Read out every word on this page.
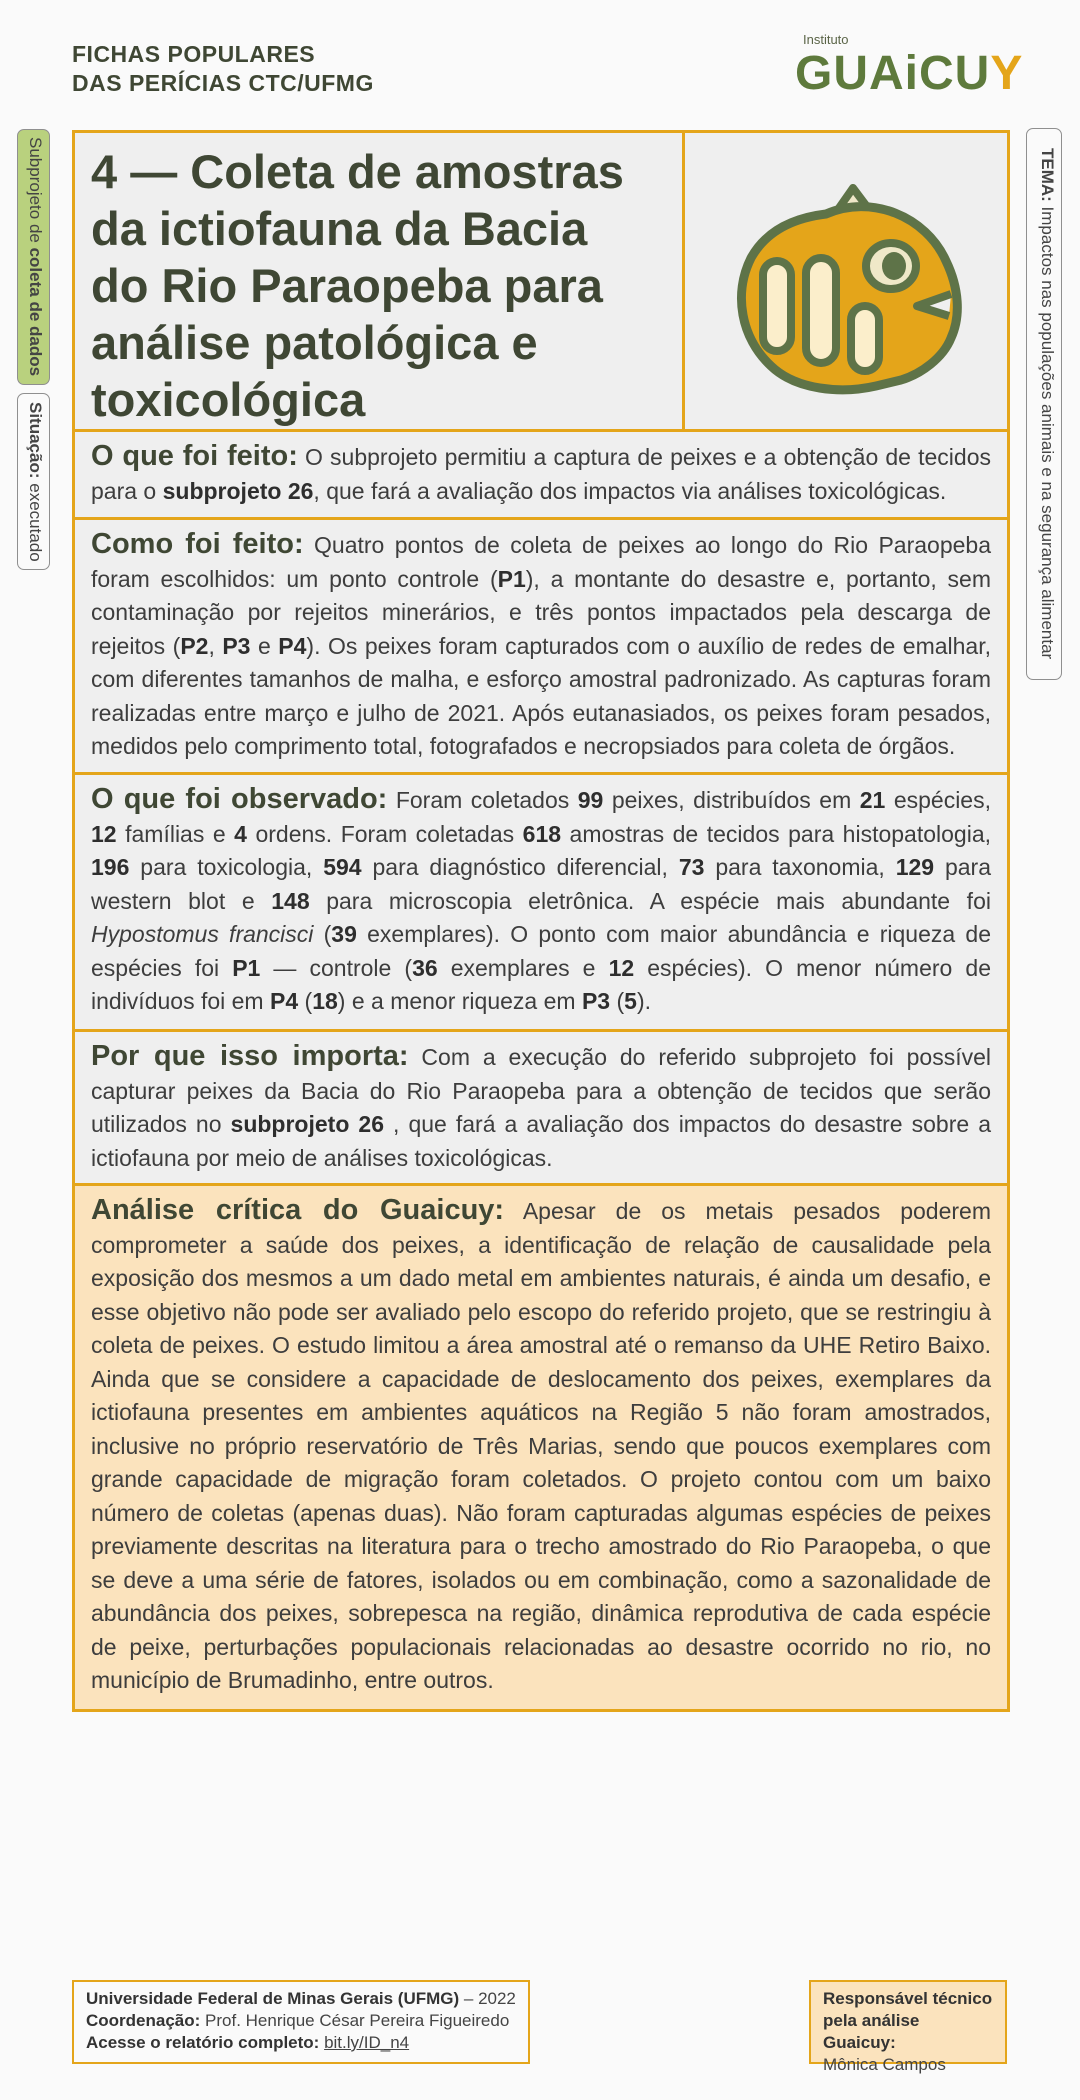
FICHAS POPULARES
DAS PERÍCIAS CTC/UFMG
Instituto
GUAiCUY
Subprojeto de coleta de dados
Situação: executado
TEMA: Impactos nas populações animais e na segurança alimentar
4 — Coleta de amostras
da ictiofauna da Bacia
do Rio Paraopeba para
análise patológica e
toxicológica
O que foi feito: O subprojeto permitiu a captura de peixes e a obtenção de tecidos para o subprojeto 26, que fará a avaliação dos impactos via análises toxicológicas.
Como foi feito: Quatro pontos de coleta de peixes ao longo do Rio Paraopeba foram escolhidos: um ponto controle (P1), a montante do desastre e, portanto, sem contaminação por rejeitos minerários, e três pontos impactados pela descarga de rejeitos (P2, P3 e P4). Os peixes foram capturados com o auxílio de redes de emalhar, com diferentes tamanhos de malha, e esforço amostral padronizado. As capturas foram realizadas entre março e julho de 2021. Após eutanasiados, os peixes foram pesados, medidos pelo comprimento total, fotografados e necropsiados para coleta de órgãos.
O que foi observado: Foram coletados 99 peixes, distribuídos em 21 espécies, 12 famílias e 4 ordens. Foram coletadas 618 amostras de tecidos para histopatologia, 196 para toxicologia, 594 para diagnóstico diferencial, 73 para taxonomia, 129 para western blot e 148 para microscopia eletrônica. A espécie mais abundante foi Hypostomus francisci (39 exemplares). O ponto com maior abundância e riqueza de espécies foi P1 — controle (36 exemplares e 12 espécies). O menor número de indivíduos foi em P4 (18) e a menor riqueza em P3 (5).
Por que isso importa: Com a execução do referido subprojeto foi possível capturar peixes da Bacia do Rio Paraopeba para a obtenção de tecidos que serão utilizados no subprojeto 26 , que fará a avaliação dos impactos do desastre sobre a ictiofauna por meio de análises toxicológicas.
Análise crítica do Guaicuy: Apesar de os metais pesados poderem comprometer a saúde dos peixes, a identificação de relação de causalidade pela exposição dos mesmos a um dado metal em ambientes naturais, é ainda um desafio, e esse objetivo não pode ser avaliado pelo escopo do referido projeto, que se restringiu à coleta de peixes. O estudo limitou a área amostral até o remanso da UHE Retiro Baixo. Ainda que se considere a capacidade de deslocamento dos peixes, exemplares da ictiofauna presentes em ambientes aquáticos na Região 5 não foram amostrados, inclusive no próprio reservatório de Três Marias, sendo que poucos exemplares com grande capacidade de migração foram coletados. O projeto contou com um baixo número de coletas (apenas duas). Não foram capturadas algumas espécies de peixes previamente descritas na literatura para o trecho amostrado do Rio Paraopeba, o que se deve a uma série de fatores, isolados ou em combinação, como a sazonalidade de abundância dos peixes, sobrepesca na região, dinâmica reprodutiva de cada espécie de peixe, perturbações populacionais relacionadas ao desastre ocorrido no rio, no município de Brumadinho, entre outros.
Universidade Federal de Minas Gerais (UFMG) – 2022
Coordenação: Prof. Henrique César Pereira Figueiredo
Acesse o relatório completo: bit.ly/ID_n4
Responsável técnico
pela análise Guaicuy:
Mônica Campos
